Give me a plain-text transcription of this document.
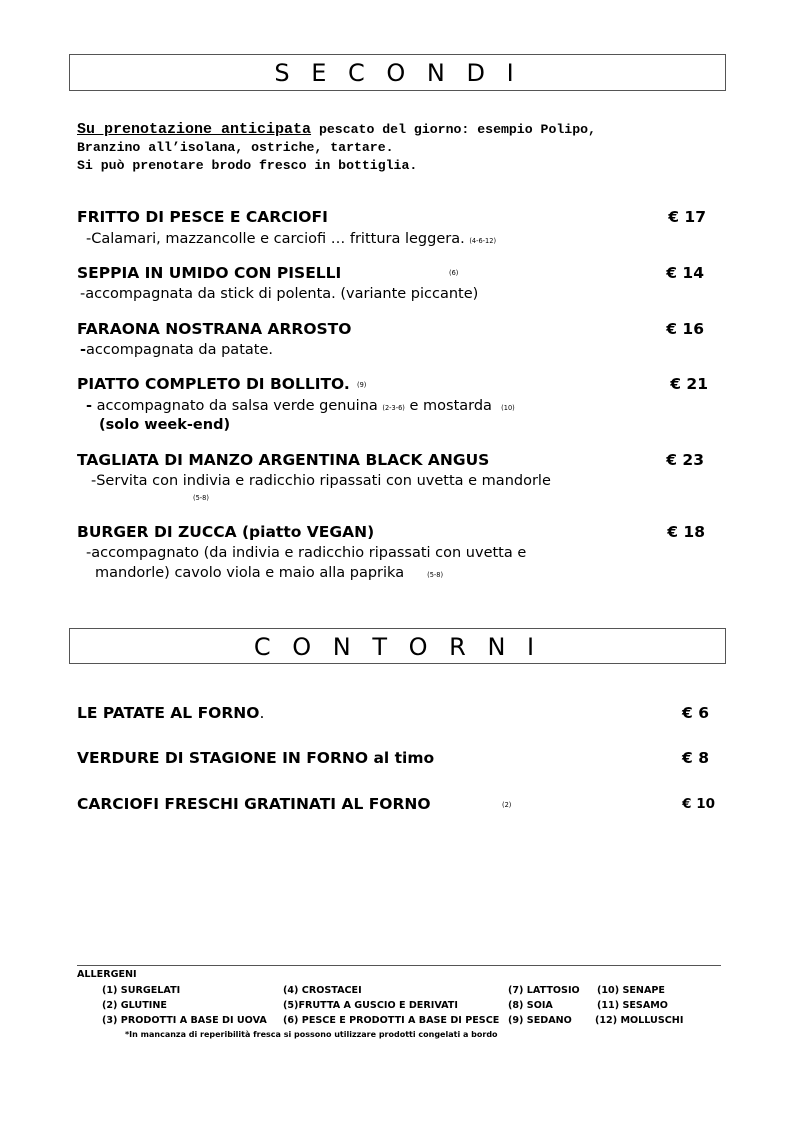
S E C O N D I
Su prenotazione anticipata pescato del giorno: esempio Polipo,
Branzino all’isolana, ostriche, tartare.
Si può prenotare brodo fresco in bottiglia.
FRITTO DI PESCE E CARCIOFI	€ 17
-Calamari, mazzancolle e carciofi … frittura leggera. (4-6-12)
SEPPIA IN UMIDO CON PISELLI	(6)	€ 14
-accompagnata da stick di polenta. (variante piccante)
FARAONA NOSTRANA ARROSTO	€ 16
-accompagnata da patate.
PIATTO COMPLETO DI BOLLITO. (9)	€ 21
- accompagnato da salsa verde genuina (2-3-6) e mostarda (10)
(solo week-end)
TAGLIATA DI MANZO ARGENTINA BLACK ANGUS	€ 23
-Servita con indivia e radicchio ripassati con uvetta e mandorle
(5-8)
BURGER DI ZUCCA (piatto VEGAN)	€ 18
-accompagnato (da indivia e radicchio ripassati con uvetta e
mandorle) cavolo viola e maio alla paprika	(5-8)
C O N T O R N I
LE PATATE AL FORNO.	€ 6
VERDURE DI STAGIONE IN FORNO al timo	€ 8
CARCIOFI FRESCHI GRATINATI AL FORNO	(2)	€ 10
ALLERGENI
(1) SURGELATI	(4) CROSTACEI	(7) LATTOSIO (10) SENAPE
(2) GLUTINE	(5)FRUTTA A GUSCIO E DERIVATI	(8) SOIA	(11) SESAMO
(3) PRODOTTI A BASE DI UOVA (6) PESCE E PRODOTTI A BASE DI PESCE (9) SEDANO (12) MOLLUSCHI
*In mancanza di reperibilità fresca si possono utilizzare prodotti congelati a bordo
